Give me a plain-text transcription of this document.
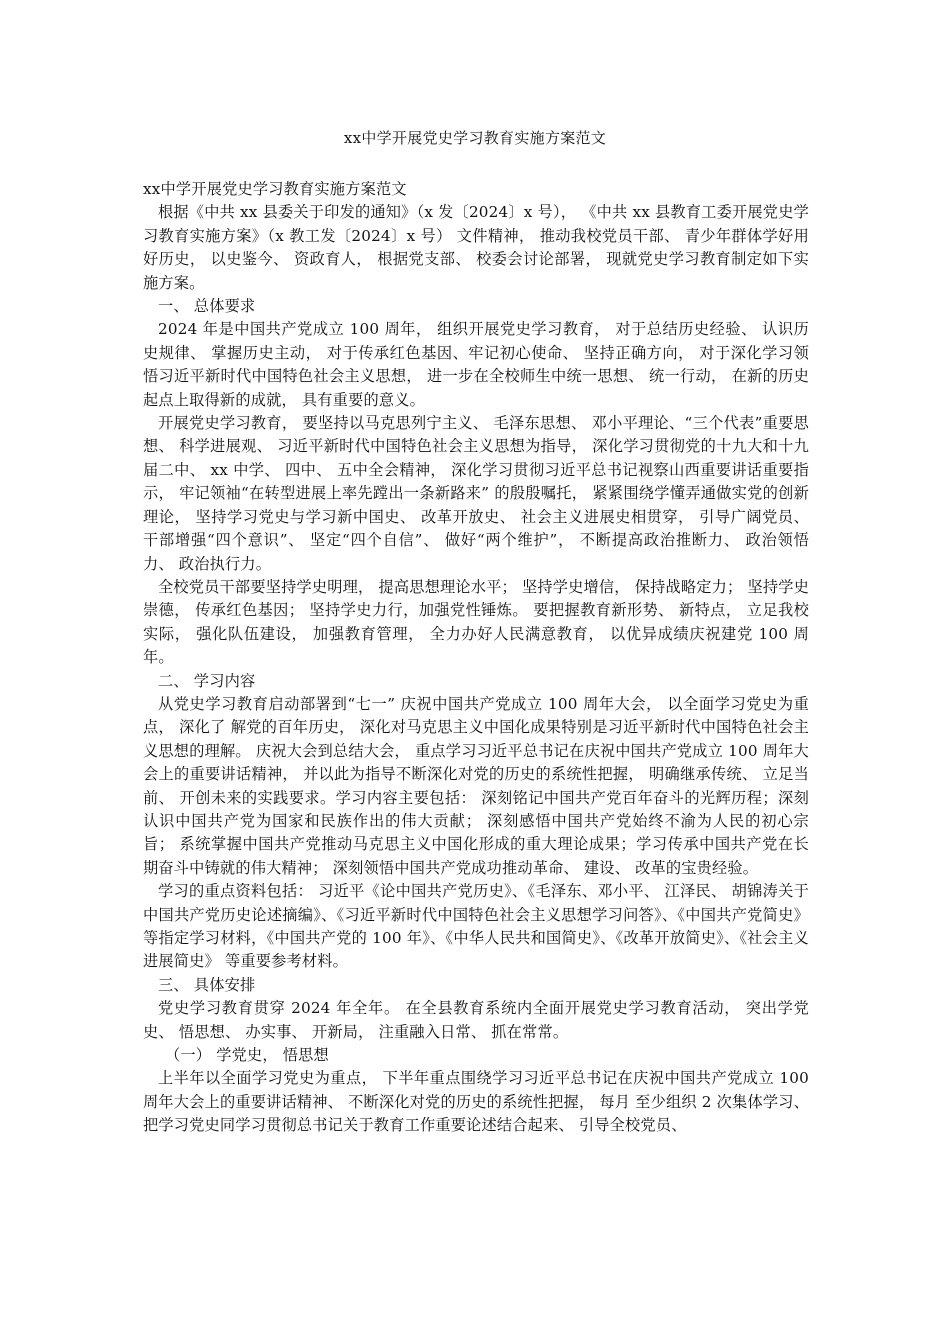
xx中学开展党史学习教育实施方案范文

xx中学开展党史学习教育实施方案范文

根据《中共 xx 县委关于印发的通知》（x 发〔2024〕x 号）， 《中共 xx 县教育工委开展党史学习教育实施方案》（x 教工发〔2024〕x 号） 文件精神， 推动我校党员干部、 青少年群体学好用好历史， 以史鉴今、 资政育人， 根据党支部、 校委会讨论部署， 现就党史学习教育制定如下实施方案。

一、 总体要求

2024 年是中国共产党成立 100 周年， 组织开展党史学习教育， 对于总结历史经验、 认识历史规律、 掌握历史主动， 对于传承红色基因、牢记初心使命、 坚持正确方向， 对于深化学习领悟习近平新时代中国特色社会主义思想， 进一步在全校师生中统一思想、 统一行动， 在新的历史起点上取得新的成就， 具有重要的意义。

开展党史学习教育， 要坚持以马克思列宁主义、 毛泽东思想、 邓小平理论、“三个代表”重要思想、 科学进展观、 习近平新时代中国特色社会主义思想为指导， 深化学习贯彻党的十九大和十九届二中、 xx 中学、 四中、 五中全会精神， 深化学习贯彻习近平总书记视察山西重要讲话重要指示， 牢记领袖“在转型进展上率先蹚出一条新路来” 的殷殷嘱托， 紧紧围绕学懂弄通做实党的创新理论， 坚持学习党史与学习新中国史、 改革开放史、 社会主义进展史相贯穿， 引导广阔党员、干部增强“四个意识”、 坚定“四个自信”、 做好“两个维护”， 不断提高政治推断力、 政治领悟力、 政治执行力。

全校党员干部要坚持学史明理， 提高思想理论水平； 坚持学史增信， 保持战略定力； 坚持学史崇德， 传承红色基因； 坚持学史力行，加强党性锤炼。 要把握教育新形势、 新特点， 立足我校实际， 强化队伍建设， 加强教育管理， 全力办好人民满意教育， 以优异成绩庆祝建党 100 周年。

二、 学习内容

从党史学习教育启动部署到“七一” 庆祝中国共产党成立 100 周年大会， 以全面学习党史为重点， 深化了 解党的百年历史， 深化对马克思主义中国化成果特别是习近平新时代中国特色社会主义思想的理解。 庆祝大会到总结大会， 重点学习习近平总书记在庆祝中国共产党成立 100 周年大会上的重要讲话精神， 并以此为指导不断深化对党的历史的系统性把握， 明确继承传统、 立足当前、 开创未来的实践要求。学习内容主要包括： 深刻铭记中国共产党百年奋斗的光辉历程；深刻认识中国共产党为国家和民族作出的伟大贡献； 深刻感悟中国共产党始终不渝为人民的初心宗旨； 系统掌握中国共产党推动马克思主义中国化形成的重大理论成果；学习传承中国共产党在长期奋斗中铸就的伟大精神； 深刻领悟中国共产党成功推动革命、 建设、 改革的宝贵经验。

学习的重点资料包括： 习近平《论中国共产党历史》、《毛泽东、邓小平、 江泽民、 胡锦涛关于中国共产党历史论述摘编》、《习近平新时代中国特色社会主义思想学习问答》、《中国共产党简史》 等指定学习材料，《中国共产党的 100 年》、《中华人民共和国简史》、《改革开放简史》、《社会主义进展简史》 等重要参考材料。

三、 具体安排

党史学习教育贯穿 2024 年全年。 在全县教育系统内全面开展党史学习教育活动， 突出学党史、 悟思想、 办实事、 开新局， 注重融入日常、 抓在常常。

（一） 学党史， 悟思想

上半年以全面学习党史为重点， 下半年重点围绕学习习近平总书记在庆祝中国共产党成立 100 周年大会上的重要讲话精神、 不断深化对党的历史的系统性把握， 每月 至少组织 2 次集体学习、 把学习党史同学习贯彻总书记关于教育工作重要论述结合起来、 引导全校党员、
